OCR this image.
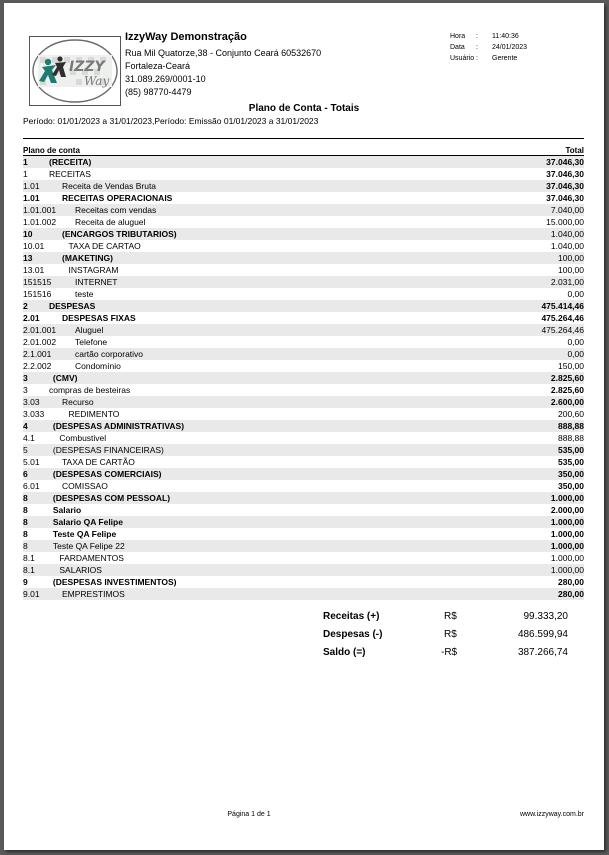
IZZY
Way
IzzyWay Demonstração
Rua Mil Quatorze,38 - Conjunto Ceará 60532670
Fortaleza-Ceará
31.089.269/0001-10
(85) 98770-4479
Hora	:	11:40:36
Data	:	24/01/2023
Usuário :	Gerente
Plano de Conta - Totais
Período: 01/01/2023 a 31/01/2023,Período: Emissão 01/01/2023 a 31/01/2023
Plano de conta	Total
1	(RECEITA)	37.046,30
1	RECEITAS	37.046,30
1.01	Receita de Vendas Bruta	37.046,30
1.01	RECEITAS OPERACIONAIS	37.046,30
1.01.001 Receitas com vendas	7.040,00
1.01.002 Receita de aluguel	15.000,00
10	(ENCARGOS TRIBUTARIOS)	1.040,00
10.01	TAXA DE CARTAO	1.040,00
13	(MAKETING)	100,00
13.01	INSTAGRAM	100,00
151515	INTERNET	2.031,00
151516	teste	0,00
2	DESPESAS	475.414,46
2.01	DESPESAS FIXAS	475.264,46
2.01.001 Aluguel	475.264,46
2.01.002 Telefone	0,00
2.1.001	cartão corporativo	0,00
2.2.002	Condomínio	150,00
3	(CMV)	2.825,60
3	compras de besteiras	2.825,60
3.03	Recurso	2.600,00
3.033	REDIMENTO	200,60
4	(DESPESAS ADMINISTRATIVAS)	888,88
4.1	Combustivel	888,88
5	(DESPESAS FINANCEIRAS)	535,00
5.01	TAXA DE CARTÃO	535,00
6	(DESPESAS COMERCIAIS)	350,00
6.01	COMISSAO	350,00
8	(DESPESAS COM PESSOAL)	1.000,00
8	Salario	2.000,00
8	Salario QA Felipe	1.000,00
8	Teste QA Felipe	1.000,00
8	Teste QA Felipe 22	1.000,00
8.1	FARDAMENTOS	1.000,00
8.1	SALARIOS	1.000,00
9	(DESPESAS INVESTIMENTOS)	280,00
9.01	EMPRESTIMOS	280,00
Receitas (+)	R$	99.333,20
Despesas (-)	R$	486.599,94
Saldo (=)	-R$	387.266,74
Página 1 de 1	www.izzyway.com.br
